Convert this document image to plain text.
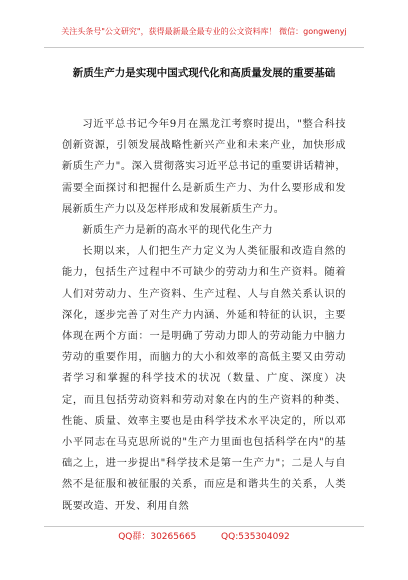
关注头条号"公文研究"，获得最新最全最专业的公文资料库！ 微信：gongwenyj
新质生产力是实现中国式现代化和高质量发展的重要基础

习近平总书记今年9月在黑龙江考察时提出，"整合科技创新资源，引领发展战略性新兴产业和未来产业，加快形成新质生产力"。深入贯彻落实习近平总书记的重要讲话精神，需要全面探讨和把握什么是新质生产力、为什么要形成和发展新质生产力以及怎样形成和发展新质生产力。

新质生产力是新的高水平的现代化生产力

长期以来，人们把生产力定义为人类征服和改造自然的能力，包括生产过程中不可缺少的劳动力和生产资料。随着人们对劳动力、生产资料、生产过程、人与自然关系认识的深化，逐步完善了对生产力内涵、外延和特征的认识，主要体现在两个方面：一是明确了劳动力即人的劳动能力中脑力劳动的重要作用，而脑力的大小和效率的高低主要又由劳动者学习和掌握的科学技术的状况（数量、广度、深度）决定，而且包括劳动资料和劳动对象在内的生产资料的种类、性能、质量、效率主要也是由科学技术水平决定的，所以邓小平同志在马克思所说的"生产力里面也包括科学在内"的基础之上，进一步提出"科学技术是第一生产力"；二是人与自然不是征服和被征服的关系，而应是和谐共生的关系，人类既要改造、开发、利用自然

QQ群：30265665	QQ:535304092
